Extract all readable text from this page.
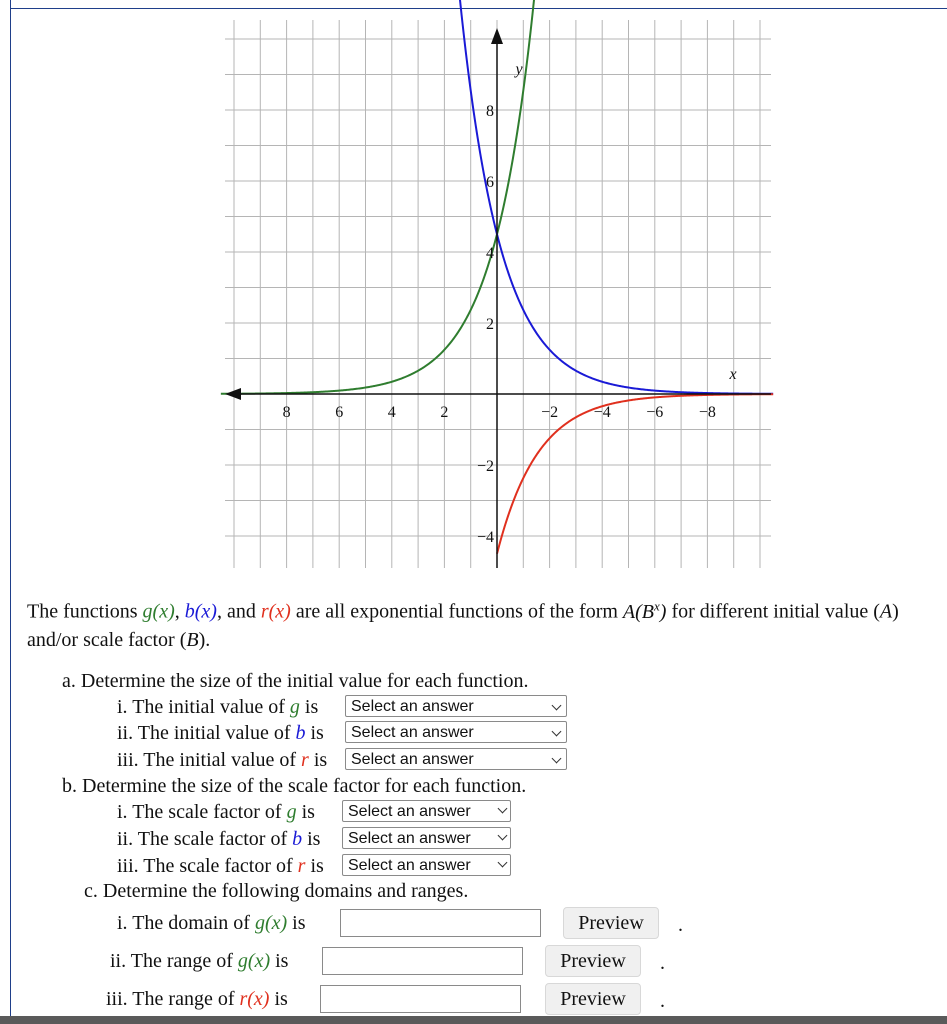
8	6	4	2	−2 −4 −6 −8
8
6
4
2
−2
−4
y
x
The functions g(x), b(x), and r(x) are all exponential functions of the form $A(B^x)$ for different initial value (A) and/or scale factor (B).
a. Determine the size of the initial value for each function.
i. The initial value of g is	Select an answer
ii. The initial value of b is	Select an answer
iii. The initial value of r is	Select an answer
b. Determine the size of the scale factor for each function.
i. The scale factor of g is	Select an answer
ii. The scale factor of b is	Select an answer
iii. The scale factor of r is	Select an answer
c. Determine the following domains and ranges.
i. The domain of g(x) is	Preview	.
ii. The range of g(x) is	Preview	.
iii. The range of r(x) is	Preview	.
